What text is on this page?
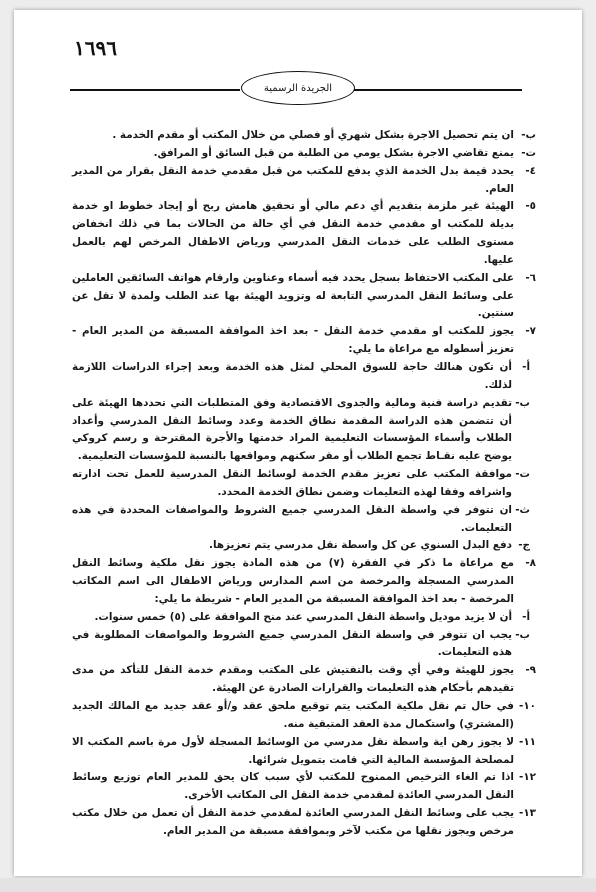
١٦٩٦
الجريدة الرسمية
ب-
ان يتم تحصيل الاجرة بشكل شهري أو فصلي من خلال المكتب أو مقدم الخدمة .
ت-
يمنع تقاضي الاجرة بشكل يومي من الطلبة من قبل السائق أو المرافق.
٤-
يحدد قيمة بدل الخدمة الذي يدفع للمكتب من قبل مقدمي خدمة النقل بقرار من المدير العام.
٥-
الهيئة غير ملزمة بتقديم أي دعم مالي أو تحقيق هامش ربح أو إيجاد خطوط او خدمة بديلة للمكتب او مقدمي خدمة النقل في أي حالة من الحالات بما في ذلك انخفاض مستوى الطلب على خدمات النقل المدرسي ورياض الاطفال المرخص لهم بالعمل عليها.
٦-
على المكتب الاحتفاظ بسجل يحدد فيه أسماء وعناوين وارقام هواتف السائقين العاملين على وسائط النقل المدرسي التابعة له وتزويد الهيئة بها عند الطلب ولمدة لا تقل عن سنتين.
٧-
يجوز للمكتب او مقدمي خدمة النقل - بعد اخذ الموافقة المسبقة من المدير العام - تعزيز أسطوله مع مراعاة ما يلي:
أ-
أن تكون هنالك حاجة للسوق المحلي لمثل هذه الخدمة وبعد إجراء الدراسات اللازمة لذلك.
ب-
تقديم دراسة فنية ومالية والجدوى الاقتصادية وفق المتطلبات التي تحددها الهيئة على أن تتضمن هذه الدراسة المقدمة نطاق الخدمة وعدد وسائط النقل المدرسي وأعداد الطلاب وأسماء المؤسسات التعليمية المراد خدمتها والأجرة المقترحة و رسم كروكي يوضح عليه نقـاط تجمع الطلاب أو مقر سكنهم ومواقعها بالنسبة للمؤسسات التعليمية.
ت-
موافقة المكتب على تعزيز مقدم الخدمة لوسائط النقل المدرسية للعمل تحت ادارته واشرافه وفقا لهذه التعليمات وضمن نطاق الخدمة المحدد.
ث-
ان تتوفر في واسطة النقل المدرسي جميع الشروط والمواصفات المحددة في هذه التعليمات.
ج-
دفع البدل السنوي عن كل واسطة نقل مدرسي يتم تعزيزها.
٨-
مع مراعاة ما ذكر في الفقرة (٧) من هذه المادة يجوز نقل ملكية وسائط النقل المدرسي المسجلة والمرخصة من اسم المدارس ورياض الاطفال الى اسم المكاتب المرخصة - بعد اخذ الموافقة المسبقة من المدير العام - شريطة ما يلي:
أ-
أن لا يزيد موديل واسطة النقل المدرسي عند منح الموافقة على (٥) خمس سنوات.
ب-
يجب ان تتوفر في واسطة النقل المدرسي جميع الشروط والمواصفات المطلوبة في هذه التعليمات.
٩-
يجوز للهيئة وفي أي وقت بالتفتيش على المكتب ومقدم خدمة النقل للتأكد من مدى تقيدهم بأحكام هذه التعليمات والقرارات الصادرة عن الهيئة.
١٠-
في حال تم نقل ملكية المكتب يتم توقيع ملحق عقد و/أو عقد جديد مع المالك الجديد (المشتري) واستكمال مدة العقد المتبقية منه.
١١-
لا يجوز رهن اية واسطة نقل مدرسي من الوسائط المسجلة لأول مرة باسم المكتب الا لمصلحة المؤسسة المالية التي قامت بتمويل شرائها.
١٢-
اذا تم الغاء الترخيص الممنوح للمكتب لأي سبب كان يحق للمدير العام توزيع وسائط النقل المدرسي العائدة لمقدمي خدمة النقل الى المكاتب الأخرى.
١٣-
يجب على وسائط النقل المدرسي العائدة لمقدمي خدمة النقل أن تعمل من خلال مكتب مرخص ويجوز نقلها من مكتب لآخر وبموافقة مسبقة من المدير العام.
